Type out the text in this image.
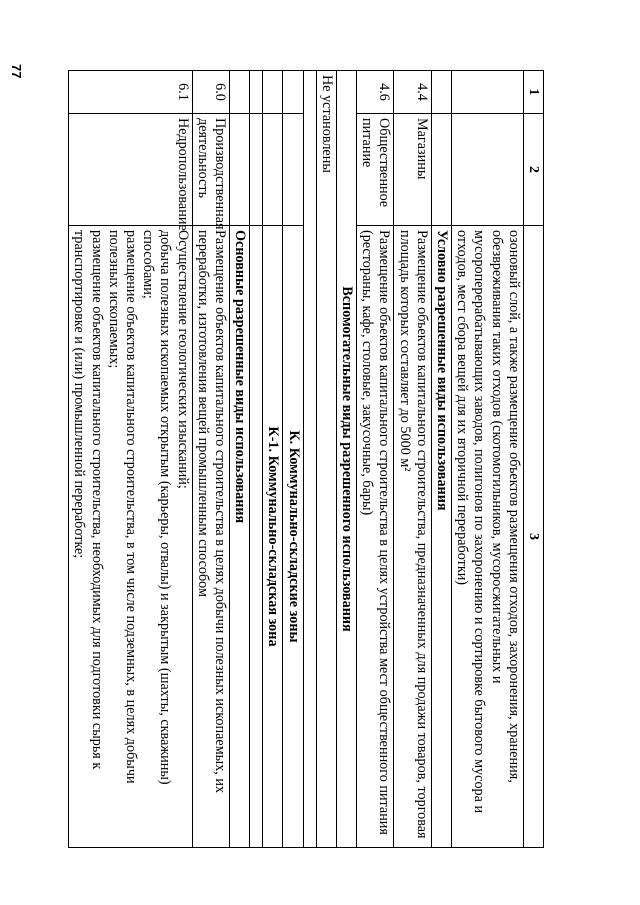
77
1	2	3
		озоновый слой, а также размещение объектов размещения отходов, захоронения, хранения, обезвреживания таких отходов (скотомогильников, мусоросжигательных и мусороперерабатывающих заводов, полигонов по захоронению и сортировке бытового мусора и отходов, мест сбора вещей для их вторичной переработки)
		Условно разрешенные виды использования
4.4	Магазины	Размещение объектов капитального строительства, предназначенных для продажи товаров, торговая площадь которых составляет до 5000 м²
4.6	Общественное питание	Размещение объектов капитального строительства в целях устройства мест общественного питания (рестораны, кафе, столовые, закусочные, бары)
Вспомогательные виды разрешенного использования		
Не установлены		

		К. Коммунально-складские зоны
		К-1. Коммунально-складская зона

		Основные разрешенные виды использования
6.0	Производственная деятельность	Размещение объектов капитального строительства в целях добычи полезных ископаемых, их переработки, изготовления вещей промышленным способом
6.1	Недропользование	Осуществление геологических изысканий;
добыча полезных ископаемых открытым (карьеры, отвалы) и закрытым (шахты, скважины) способами;
размещение объектов капитального строительства, в том числе подземных, в целях добычи полезных ископаемых;
размещение объектов капитального строительства, необходимых для подготовки сырья к транспортировке и (или) промышленной переработке;
